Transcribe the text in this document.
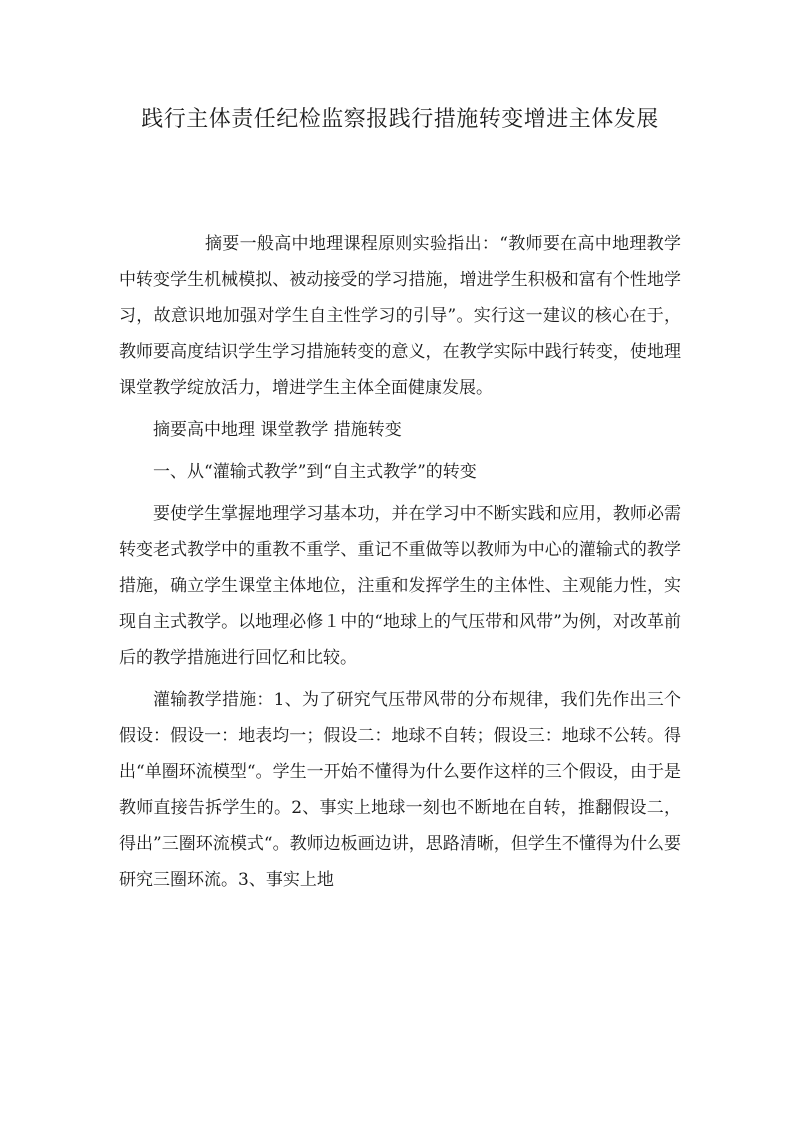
践行主体责任纪检监察报践行措施转变增进主体发展

摘要一般高中地理课程原则实验指出：“教师要在高中地理教学中转变学生机械模拟、被动接受的学习措施，增进学生积极和富有个性地学习，故意识地加强对学生自主性学习的引导”。实行这一建议的核心在于，教师要高度结识学生学习措施转变的意义，在教学实际中践行转变，使地理课堂教学绽放活力，增进学生主体全面健康发展。

摘要高中地理 课堂教学 措施转变

一、从“灌输式教学”到“自主式教学”的转变

要使学生掌握地理学习基本功，并在学习中不断实践和应用，教师必需转变老式教学中的重教不重学、重记不重做等以教师为中心的灌输式的教学措施，确立学生课堂主体地位，注重和发挥学生的主体性、主观能力性，实现自主式教学。以地理必修１中的“地球上的气压带和风带”为例，对改革前后的教学措施进行回忆和比较。

灌输教学措施：1、为了研究气压带风带的分布规律，我们先作出三个假设：假设一：地表均一；假设二：地球不自转；假设三：地球不公转。得出“单圈环流模型“。学生一开始不懂得为什么要作这样的三个假设，由于是教师直接告拆学生的。2、事实上地球一刻也不断地在自转，推翻假设二，得出”三圈环流模式“。教师边板画边讲，思路清晰，但学生不懂得为什么要研究三圈环流。3、事实上地
